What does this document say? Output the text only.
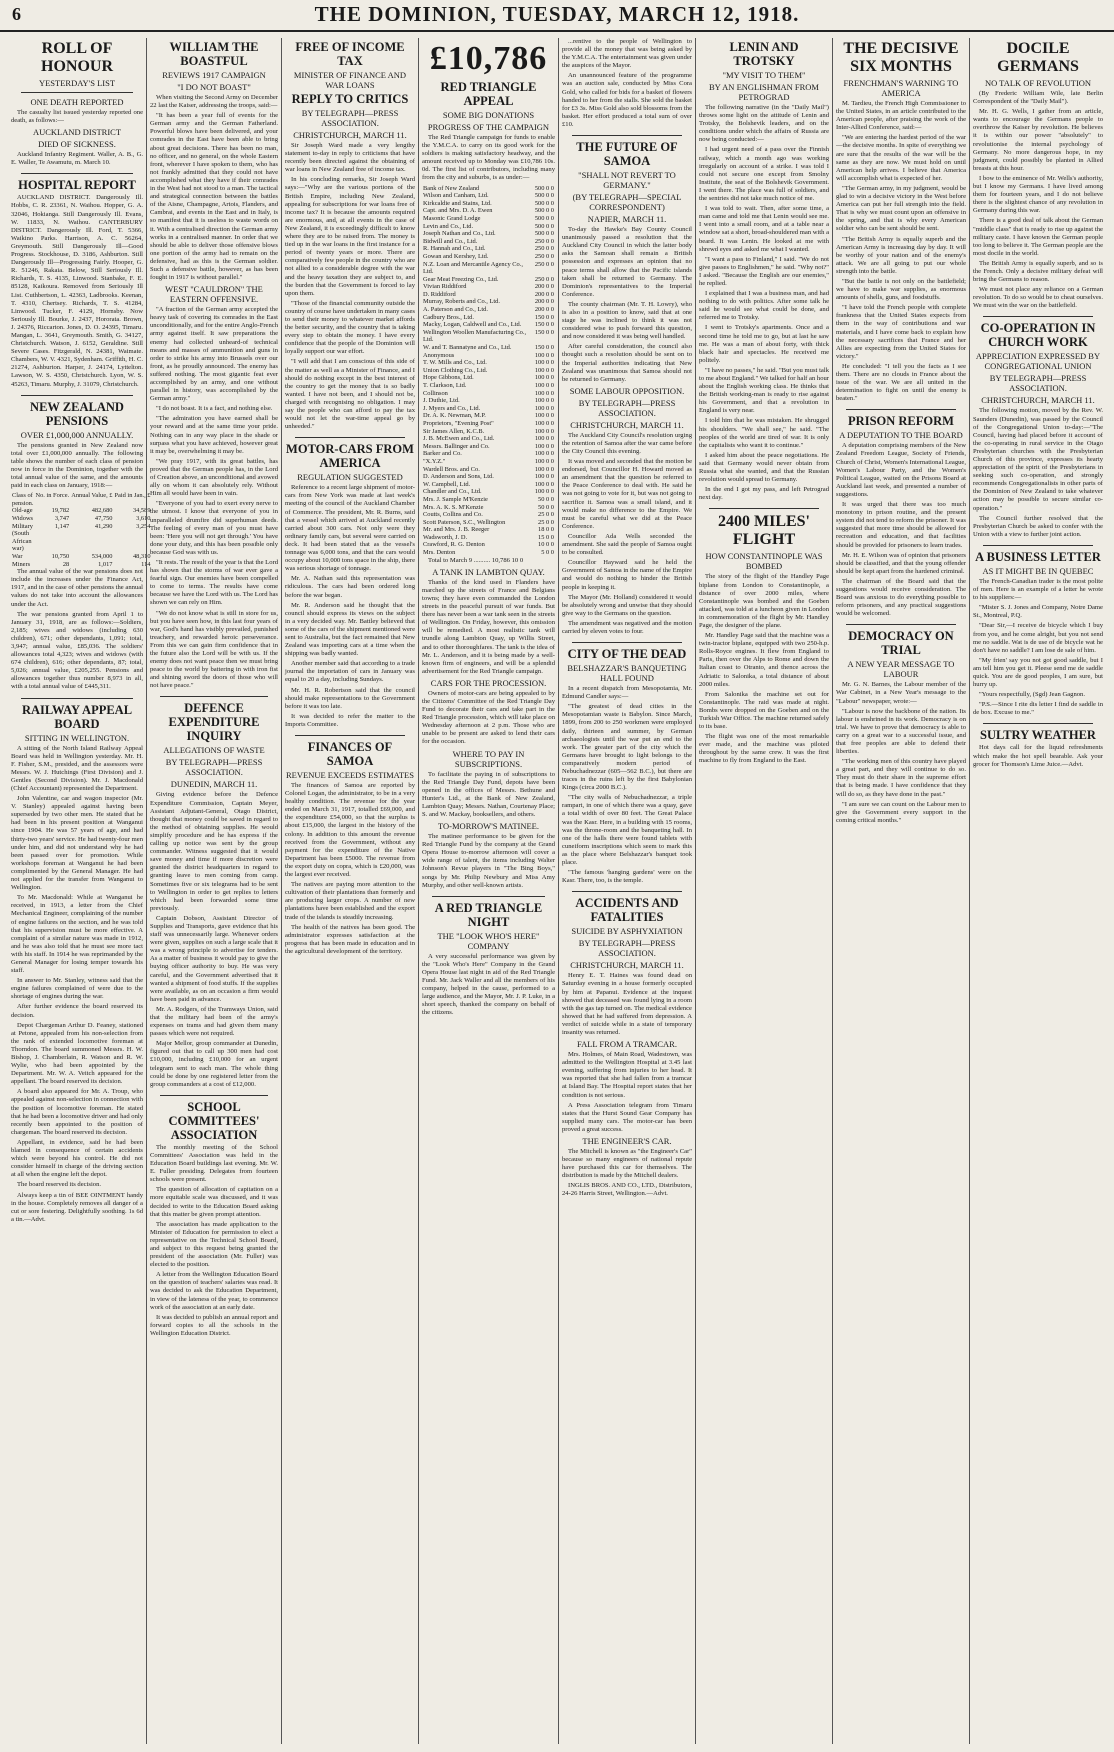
6	THE DOMINION, TUESDAY, MARCH 12, 1918.
ROLL OF HONOUR
YESTERDAY'S LIST
ONE DEATH REPORTED

The casualty list issued yesterday reported one death, as follows:—

AUCKLAND DISTRICT
DIED OF SICKNESS.

Auckland Infantry Regiment. Waller, A. B., G. E. Waller, Te Awamutu, m. March 10.

HOSPITAL REPORT

AUCKLAND DISTRICT. Dangerously Ill. Hobbs, C. R. 23361, N. Waihou. Hopper, G. A. 32046, Hokianga. Still Dangerously Ill. Evans, W. 11833, N. Waihou. CANTERBURY DISTRICT. Dangerously Ill. Ford, T. 5366, Waikino Parks. Harrison, A. C. 56264, Greymouth. Still Dangerously Ill—Good Progress. Stockhouse, D. 3186, Ashburton. Still Dangerously Ill—Progressing Fairly. Hooper, G. R. 51246, Rakaia. Below, Still Seriously Ill. Richards, T. S. 4135, Linwood. Stanbake, F. E. 85128, Kaikoura. Removed from Seriously Ill List. Cuthbertson, L. 42363, Ladbrooks. Keenan, T. 4310, Chertsey. Richards, T. S. 41284, Linwood. Tucker, F. 4129, Hornsby. Now Seriously Ill. Bourke, J. 2437, Hororata. Brown, J. 24376, Riccarton. Jones, D. O. 24395, Timaru. Mangan, L. 3641, Greymouth. Smith, G. 34127, Christchurch. Watson, J. 6152, Geraldine. Still Severe Cases. Fitzgerald, N. 24381, Waimate. Chambers, W. V. 4321, Sydenham. Griffith, H. C. 21274, Ashburton. Harper, J. 24174, Lyttelton. Lawson, W. S. 4350, Christchurch. Lyon, W. S. 45263, Timaru. Murphy, J. 31079, Christchurch.

NEW ZEALAND PENSIONS
OVER £1,000,000 ANNUALLY.

The pensions granted in New Zealand now total over £1,000,000 annually. The following table shows the number of each class of pension now in force in the Dominion, together with the total annual value of the same, and the amounts paid in each class on January, 1918:—

Class of pension.	No. in Force.	Annual Value, £	Paid in Jan., £
Old-age	19,782	482,680	34,589
Widows	3,747	47,750	3,610
Military (South African war)	1,147	41,290	3,254
War	10,750	534,000	48,310
Miners	28	1,017	114

The annual value of the war pensions does not include the increases under the Finance Act, 1917, and in the case of other pensions the annual values do not take into account the allowances under the Act.

The war pensions granted from April 1 to January 31, 1918, are as follows:—Soldiers, 2,185; wives and widows (including 630 children), 671; other dependants, 1,091; total, 3,947; annual value, £85,036. The soldiers' allowances total 4,323; wives and widows (with 674 children), 616; other dependants, 87; total, 5,026; annual value, £205,255. Pensions and allowances together thus number 8,973 in all, with a total annual value of £445,311.

RAILWAY APPEAL BOARD
SITTING IN WELLINGTON.

A sitting of the North Island Railway Appeal Board was held in Wellington yesterday. Mr. H. F. Fisher, S.M., presided, and the assessors were Messrs. W. J. Hutchings (First Division) and J. Gentles (Second Division). Mr. J. Macdonald (Chief Accountant) represented the Department.

John Valentine, car and wagon inspector (Mr. V. Stanley) appealed against having been superseded by two other men. He stated that he had been in his present position at Wanganui since 1904. He was 57 years of age, and had thirty-two years' service. He had twenty-four men under him, and did not understand why he had been passed over for promotion. While workshops foreman at Wanganui he had been complimented by the General Manager. He had not applied for the transfer from Wanganui to Wellington.

To Mr. Macdonald: While at Wanganui he received, in 1913, a letter from the Chief Mechanical Engineer, complaining of the number of engine failures on the section, and he was told that his supervision must be more effective. A complaint of a similar nature was made in 1912, and he was also told that he must see more tact with his staff. In 1914 he was reprimanded by the General Manager for losing temper towards his staff.

In answer to Mr. Stanley, witness said that the engine failures complained of were due to the shortage of engines during the war.

After further evidence the board reserved its decision.

Depot Chargeman Arthur D. Feaney, stationed at Petone, appealed from his non-selection from the rank of extended locomotive foreman at Thorndon. The board summoned Messrs. H. W. Bishop, J. Chamberlain, R. Watson and R. W. Wylie, who had been appointed by the Department. Mr. W. A. Veitch appeared for the appellant. The board reserved its decision.

A board also appeared for Mr. A. Troup, who appealed against non-selection in connection with the position of locomotive foreman. He stated that he had been a locomotive driver and had only recently been appointed to the position of chargeman. The board reserved its decision.

Appellant, in evidence, said he had been blamed in consequence of certain accidents which were beyond his control. He did not consider himself in charge of the driving section at all when the engine left the depot.

The board reserved its decision.

Always keep a tin of BEE OINTMENT handy in the house. Completely removes all danger of a cut or sore festering. Delightfully soothing. 1s 6d a tin.—Advt.

WILLIAM THE BOASTFUL
REVIEWS 1917 CAMPAIGN
"I DO NOT BOAST"

When visiting the Second Army on December 22 last the Kaiser, addressing the troops, said:—

"It has been a year full of events for the German army and the German Fatherland. Powerful blows have been delivered, and your comrades in the East have been able to bring about great decisions. There has been no man, no officer, and no general, on the whole Eastern front, wherever I have spoken to them, who has not frankly admitted that they could not have accomplished what they have if their comrades in the West had not stood to a man. The tactical and strategical connection between the battles of the Aisne, Champagne, Artois, Flanders, and Cambrai, and events in the East and in Italy, is so manifest that it is useless to waste words on it. With a centralised direction the German army works in a centralised manner. In order that we should be able to deliver those offensive blows one portion of the army had to remain on the defensive, had as this is the German soldier. Such a defensive battle, however, as has been fought in 1917 is without parallel."

WEST "CAULDRON" THE EASTERN OFFENSIVE.

"A fraction of the German army accepted the heavy task of covering its comrades in the East unconditionally, and for the entire Anglo-French army against itself. It saw preparations the enemy had collected unheard-of technical means and masses of ammunition and guns in order to strike his army into Brussels over our front, as he proudly announced. The enemy has suffered nothing. The most gigantic feat ever accomplished by an army, and one without parallel in history, was accomplished by the German army."

"I do not boast. It is a fact, and nothing else.

"The admiration you have earned shall be your reward and at the same time your pride. Nothing can in any way place in the shade or surpass what you have achieved, however great it may be, overwhelming it may be.

"We pray 1917, with its great battles, has proved that the German people has, in the Lord of Creation above, an unconditional and avowed ally on whom it can absolutely rely. Without Him all would have been in vain.

"Everyone of you had to exert every nerve to the utmost. I know that everyone of you in unparalleled drumfire did superhuman deeds. The feeling of every man of you must have been: 'Here you will not get through.' You have done your duty, and this has been possible only because God was with us.

"It rests. The result of the year is that the Lord has shown that the storms of war ever gave a fearful sign. Our enemies have been compelled to come to terms. The results have come because we have the Lord with us. The Lord has shown we can rely on Him.

"We do not know what is still in store for us, but you have seen how, in this last four years of war, God's hand has visibly prevailed, punished treachery, and rewarded heroic perseverance. From this we can gain firm confidence that in the future also the Lord will be with us. If the enemy does not want peace then we must bring peace to the world by battering in with iron fist and shining sword the doors of those who will not have peace."

DEFENCE EXPENDITURE INQUIRY
ALLEGATIONS OF WASTE
BY TELEGRAPH—PRESS ASSOCIATION.
DUNEDIN, MARCH 11.

Giving evidence before the Defence Expenditure Commission, Captain Meyer, Assistant Adjutant-General, Otago District, thought that money could be saved in regard to the method of obtaining supplies. He would simplify procedure and he has express if the calling up notice was sent by the group commander. Witness suggested that it would save money and time if more discretion were granted the district headquarters in regard to granting leave to men coming from camp. Sometimes five or six telegrams had to be sent to Wellington in order to get replies to letters which had been forwarded some time previously.

Captain Dobson, Assistant Director of Supplies and Transports, gave evidence that his staff was unnecessarily large. Whenever orders were given, supplies on such a large scale that it was a wrong principle to advertise for tenders. As a matter of business it would pay to give the buying officer authority to buy. He was very careful, and the Government advertised that it wanted a shipment of food stuffs. If the supplies were available, as on an occasion a firm would have been paid in advance.

Mr. A. Rodgers, of the Tramways Union, said that the military had been of the army's expenses on trams and had given them many passes which were not required.

Major Mellor, group commander at Dunedin, figured out that to call up 300 men had cost £10,000, including £10,000 for an urgent telegram sent to each man. The whole thing could be done by one registered letter from the group commanders at a cost of £12,000.

SCHOOL COMMITTEES' ASSOCIATION

The monthly meeting of the School Committees' Association was held in the Education Board buildings last evening. Mr. W. E. Fuller presiding. Delegates from fourteen schools were present.

The question of allocation of capitation on a more equitable scale was discussed, and it was decided to write to the Education Board asking that this matter be given prompt attention.

The association has made application to the Minister of Education for permission to elect a representative on the Technical School Board, and subject to this request being granted the president of the association (Mr. Fuller) was elected to the position.

A letter from the Wellington Education Board on the question of teachers' salaries was read. It was decided to ask the Education Department, in view of the lateness of the year, to commence work of the association at an early date.

It was decided to publish an annual report and forward copies to all the schools in the Wellington Education District.

FREE OF INCOME TAX
MINISTER OF FINANCE AND WAR LOANS
REPLY TO CRITICS
BY TELEGRAPH—PRESS ASSOCIATION.
CHRISTCHURCH, MARCH 11.

Sir Joseph Ward made a very lengthy statement to-day in reply to criticisms that have recently been directed against the obtaining of war loans in New Zealand free of income tax.

In his concluding remarks, Sir Joseph Ward says:—"Why are the various portions of the British Empire, including New Zealand, appealing for subscriptions for war loans free of income tax? It is because the amounts required are enormous, and, at all events in the case of New Zealand, it is exceedingly difficult to know where they are to be raised from. The money is tied up in the war loans in the first instance for a period of twenty years or more. There are comparatively few people in the country who are not allied to a considerable degree with the war and the heavy taxation they are subject to, and the burden that the Government is forced to lay upon them.

"Those of the financial community outside the country of course have undertaken in many cases to send their money to whatever market affords the better security, and the country that is taking every step to obtain the money. I have every confidence that the people of the Dominion will loyally support our war effort.

"I will add that I am conscious of this side of the matter as well as a Minister of Finance, and I should do nothing except in the best interest of the country to get the money that is so badly wanted. I have not been, and I should not be, charged with recognising no obligation. I may say the people who can afford to pay the tax would not let the war-time appeal go by unheeded."

MOTOR-CARS FROM AMERICA
REGULATION SUGGESTED

Reference to a recent large shipment of motor-cars from New York was made at last week's meeting of the council of the Auckland Chamber of Commerce. The president, Mr. R. Burns, said that a vessel which arrived at Auckland recently carried about 300 cars. Not only were they ordinary family cars, but several were carried on deck. It had been stated that as the vessel's tonnage was 6,000 tons, and that the cars would occupy about 10,000 tons space in the ship, there was serious shortage of tonnage.

Mr. A. Nathan said this representation was ridiculous. The cars had been ordered long before the war began.

Mr. R. Anderson said he thought that the council should express its views on the subject in a very decided way. Mr. Battley believed that some of the cars of the shipment mentioned were sent to Australia, but the fact remained that New Zealand was importing cars at a time when the shipping was badly wanted.

Another member said that according to a trade journal the importation of cars in January was equal to 20 a day, including Sundays.

Mr. H. R. Robertson said that the council should make representations to the Government before it was too late.

It was decided to refer the matter to the Imports Committee.

FINANCES OF SAMOA
REVENUE EXCEEDS ESTIMATES

The finances of Samoa are reported by Colonel Logan, the administrator, to be in a very healthy condition. The revenue for the year ended on March 31, 1917, totalled £69,000, and the expenditure £54,000, so that the surplus is about £15,000, the largest in the history of the colony. In addition to this amount the revenue received from the Government, without any payment for the expenditure of the Native Department has been £5000. The revenue from the export duty on copra, which is £20,000, was the largest ever received.

The natives are paying more attention to the cultivation of their plantations than formerly and are producing larger crops. A number of new plantations have been established and the export trade of the islands is steadily increasing.

The health of the natives has been good. The administrator expresses satisfaction at the progress that has been made in education and in the agricultural development of the territory.

£10,786
RED TRIANGLE APPEAL
SOME BIG DONATIONS
PROGRESS OF THE CAMPAIGN

The Red Triangle campaign for funds to enable the Y.M.C.A. to carry on its good work for the soldiers is making satisfactory headway, and the amount received up to Monday was £10,786 10s. 0d. The first list of contributors, including many from the city and suburbs, is as under:—

Bank of New Zealand	500 0 0
Wilson and Canham, Ltd.	500 0 0
Kirkcaldie and Stains, Ltd.	500 0 0
Capt. and Mrs. D. A. Ewen	500 0 0
Masonic Grand Lodge	500 0 0
Levin and Co., Ltd.	500 0 0
Joseph Nathan and Co., Ltd.	500 0 0
Bidwill and Co., Ltd.	250 0 0
R. Hannah and Co., Ltd.	250 0 0
Gowan and Kershey, Ltd.	250 0 0
N.Z. Loan and Mercantile Agency Co., Ltd.	250 0 0
Gear Meat Freezing Co., Ltd.	250 0 0
Vivian Riddiford	200 0 0
D. Riddiford	200 0 0
Murray, Roberts and Co., Ltd.	200 0 0
A. Paterson and Co., Ltd.	200 0 0
Cadbury Bros., Ltd.	150 0 0
Macky, Logan, Caldwell and Co., Ltd.	150 0 0
Wellington Woollen Manufacturing Co., Ltd.	150 0 0
W. and T. Bannatyne and Co., Ltd.	150 0 0
Anonymous	100 0 0
T. W. Mills and Co., Ltd.	100 0 0
Union Clothing Co., Ltd.	100 0 0
Hope Gibbons, Ltd.	100 0 0
T. Clarkson, Ltd.	100 0 0
Collinson	100 0 0
J. Duthie, Ltd.	100 0 0
J. Myers and Co., Ltd.	100 0 0
Dr. A. K. Newman, M.P.	100 0 0
Proprietors, "Evening Post"	100 0 0
Sir James Allen, K.C.B.	100 0 0
J. B. McEwen and Co., Ltd.	100 0 0
Messrs. Ballinger and Co.	100 0 0
Barker and Co.	100 0 0
"X.Y.Z."	100 0 0
Wardell Bros. and Co.	100 0 0
D. Anderson and Sons, Ltd.	100 0 0
W. Campbell, Ltd.	100 0 0
Chandler and Co., Ltd.	100 0 0
Mrs. J. Sample M'Kenzie	50 0 0
Mrs. A. K. S. M'Kenzie	50 0 0
Coutts, Collins and Co.	25 0 0
Scott Paterson, S.C., Wellington	25 0 0
Mr. and Mrs. J. B. Reeger	18 0 0
Wadsworth, J. D.	15 0 0
Crawford, R. G. Denton	10 0 0
Mrs. Denton	5 0 0

Total to March 9 .......... 10,786 10 0

A TANK IN LAMBTON QUAY.

Thanks of the kind used in Flanders have marched up the streets of France and Belgians towns; they have even commanded the London streets in the peaceful pursuit of war funds. But there has never been a war tank seen in the streets of Wellington. On Friday, however, this omission will be remedied. A most realistic tank will trundle along Lambton Quay, up Willis Street, and to other thoroughfares. The tank is the idea of Mr. L. Anderson, and it is being made by a well-known firm of engineers, and will be a splendid advertisement for the Red Triangle campaign.

CARS FOR THE PROCESSION.

Owners of motor-cars are being appealed to by the Citizens' Committee of the Red Triangle Day Fund to decorate their cars and take part in the Red Triangle procession, which will take place on Wednesday afternoon at 2 p.m. Those who are unable to be present are asked to lend their cars for the occasion.

WHERE TO PAY IN SUBSCRIPTIONS.

To facilitate the paying in of subscriptions to the Red Triangle Day Fund, depots have been opened in the offices of Messrs. Bethune and Hunter's Ltd., at the Bank of New Zealand, Lambton Quay; Messrs. Nathan, Courtenay Place; S. and W. Mackay, booksellers, and others.

TO-MORROW'S MATINEE.

The matinee performance to be given for the Red Triangle Fund by the company at the Grand Opera House to-morrow afternoon will cover a wide range of talent, the items including Walter Johnson's Revue players in "The Bing Boys," songs by Mr. Philip Newbury and Miss Amy Murphy, and other well-known artists.

A RED TRIANGLE NIGHT
THE "LOOK WHO'S HERE" COMPANY

A very successful performance was given by the "Look Who's Here" Company in the Grand Opera House last night in aid of the Red Triangle Fund. Mr. Jack Waller and all the members of his company, helped in the cause, performed to a large audience, and the Mayor, Mr. J. P. Luke, in a short speech, thanked the company on behalf of the citizens.

...rentive to the people of Wellington to provide all the money that was being asked by the Y.M.C.A. The entertainment was given under the auspices of the Mayor.

An unannounced feature of the programme was an auction sale, conducted by Miss Cora Gold, who called for bids for a basket of flowers handed to her from the stalls. She sold the basket for £3 3s. Miss Gold also sold blossoms from the basket. Her effort produced a total sum of over £10.

THE FUTURE OF SAMOA
"SHALL NOT REVERT TO GERMANY."
(BY TELEGRAPH—SPECIAL CORRESPONDENT)
NAPIER, MARCH 11.

To-day the Hawke's Bay County Council unanimously passed a resolution that the Auckland City Council in which the latter body asks the Samoan shall remain a British possession and expresses an opinion that no peace terms shall allow that the Pacific islands taken shall be returned to Germany. The Dominion's representatives to the Imperial Conference.

The county chairman (Mr. T. H. Lowry), who is also in a position to know, said that at one stage he was inclined to think it was not considered wise to push forward this question, and now considered it was being well handled.

After careful consideration, the council also thought such a resolution should be sent on to the Imperial authorities indicating that New Zealand was unanimous that Samoa should not be returned to Germany.

SOME LABOUR OPPOSITION.
BY TELEGRAPH—PRESS ASSOCIATION.
CHRISTCHURCH, MARCH 11.

The Auckland City Council's resolution urging the retention of Samoa after the war came before the City Council this evening.

It was moved and seconded that the motion be endorsed, but Councillor H. Howard moved as an amendment that the question be referred to the Peace Conference to deal with. He said he was not going to vote for it, but was not going to sacrifice it. Samoa was a small island, and it would make no difference to the Empire. We must be careful what we did at the Peace Conference.

Councillor Ada Wells seconded the amendment. She said the people of Samoa ought to be consulted.

Councillor Hayward said he held the Government of Samoa in the name of the Empire and would do nothing to hinder the British people in keeping it.

The Mayor (Mr. Holland) considered it would be absolutely wrong and unwise that they should give way to the Germans on the question.

The amendment was negatived and the motion carried by eleven votes to four.

CITY OF THE DEAD
BELSHAZZAR'S BANQUETING HALL FOUND

In a recent dispatch from Mesopotamia, Mr. Edmund Candler says:—

"The greatest of dead cities in the Mesopotamian waste is Babylon. Since March, 1899, from 200 to 250 workmen were employed daily, thirteen and summer, by German archaeologists until the war put an end to the work. The greater part of the city which the Germans have brought to light belongs to the comparatively modern period of Nebuchadnezzar (605—562 B.C.), but there are traces in the ruins left by the first Babylonian Kings (circa 2000 B.C.).

"The city walls of Nebuchadnezzar, a triple rampart, in one of which there was a quay, gave a total width of over 80 feet. The Great Palace was the Kasr. Here, in a building with 15 rooms, was the throne-room and the banqueting hall. In one of the halls there were found tablets with cuneiform inscriptions which seem to mark this as the place where Belshazzar's banquet took place.

"The famous 'hanging gardens' were on the Kasr. There, too, is the temple.

ACCIDENTS AND FATALITIES
SUICIDE BY ASPHYXIATION
BY TELEGRAPH—PRESS ASSOCIATION.
CHRISTCHURCH, MARCH 11.

Henry E. T. Haines was found dead on Saturday evening in a house formerly occupied by him at Papanui. Evidence at the inquest showed that deceased was found lying in a room with the gas tap turned on. The medical evidence showed that he had suffered from depression. A verdict of suicide while in a state of temporary insanity was returned.

FALL FROM A TRAMCAR.

Mrs. Holmes, of Main Road, Wadestown, was admitted to the Wellington Hospital at 3.45 last evening, suffering from injuries to her head. It was reported that she had fallen from a tramcar at Island Bay. The Hospital report states that her condition is not serious.

A Press Association telegram from Timaru states that the Hurst Sound Gear Company has supplied many cars. The motor-car has been proved a great success.

THE ENGINEER'S CAR.

The Mitchell is known as "the Engineer's Car" because so many engineers of national repute have purchased this car for themselves. The distribution is made by the Mitchell dealers.

INGLIS BROS. AND CO., LTD., Distributors, 24-26 Harris Street, Wellington.—Advt.

LENIN AND TROTSKY
"MY VISIT TO THEM"
BY AN ENGLISHMAN FROM PETROGRAD

The following narrative (in the "Daily Mail") throws some light on the attitude of Lenin and Trotsky, the Bolshevik leaders, and on the conditions under which the affairs of Russia are now being conducted:—

I had urgent need of a pass over the Finnish railway, which a month ago was working irregularly on account of a strike. I was told I could not secure one except from Smolny Institute, the seat of the Bolshevik Government. I went there. The place was full of soldiers, and the sentries did not take much notice of me.

I was told to wait. Then, after some time, a man came and told me that Lenin would see me. I went into a small room, and at a table near a window sat a short, broad-shouldered man with a beard. It was Lenin. He looked at me with shrewd eyes and asked me what I wanted.

"I want a pass to Finland," I said. "We do not give passes to Englishmen," he said. "Why not?" I asked. "Because the English are our enemies," he replied.

I explained that I was a business man, and had nothing to do with politics. After some talk he said he would see what could be done, and referred me to Trotsky.

I went to Trotsky's apartments. Once and a second time he told me to go, but at last he saw me. He was a man of about forty, with thick black hair and spectacles. He received me politely.

"I have no passes," he said. "But you must talk to me about England." We talked for half an hour about the English working class. He thinks that the British working-man is ready to rise against his Government, and that a revolution in England is very near.

I told him that he was mistaken. He shrugged his shoulders. "We shall see," he said. "The peoples of the world are tired of war. It is only the capitalists who want it to continue."

I asked him about the peace negotiations. He said that Germany would never obtain from Russia what she wanted, and that the Russian revolution would spread to Germany.

In the end I got my pass, and left Petrograd next day.

2400 MILES' FLIGHT
HOW CONSTANTINOPLE WAS BOMBED

The story of the flight of the Handley Page biplane from London to Constantinople, a distance of over 2000 miles, where Constantinople was bombed and the Goeben attacked, was told at a luncheon given in London in commemoration of the flight by Mr. Handley Page, the designer of the plane.

Mr. Handley Page said that the machine was a twin-tractor biplane, equipped with two 250-h.p. Rolls-Royce engines. It flew from England to Paris, then over the Alps to Rome and down the Italian coast to Otranto, and thence across the Adriatic to Salonika, a total distance of about 2000 miles.

From Salonika the machine set out for Constantinople. The raid was made at night. Bombs were dropped on the Goeben and on the Turkish War Office. The machine returned safely to its base.

The flight was one of the most remarkable ever made, and the machine was piloted throughout by the same crew. It was the first machine to fly from England to the East.

THE DECISIVE SIX MONTHS
FRENCHMAN'S WARNING TO AMERICA

M. Tardieu, the French High Commissioner to the United States, in an article contributed to the American people, after praising the work of the Inter-Allied Conference, said:—

"We are entering the hardest period of the war—the decisive months. In spite of everything we are sure that the results of the war will be the same as they are now. We must hold on until American help arrives. I believe that America will accomplish what is expected of her.

"The German army, in my judgment, would be glad to win a decisive victory in the West before America can put her full strength into the field. That is why we must count upon an offensive in the spring, and that is why every American soldier who can be sent should be sent.

"The British Army is equally superb and the American Army is increasing day by day. It will be worthy of your nation and of the enemy's attack. We are all going to put our whole strength into the battle.

"But the battle is not only on the battlefield; we have to make war supplies, as enormous amounts of shells, guns, and foodstuffs.

"I have told the French people with complete frankness that the United States expects from them in the way of contributions and war materials, and I have come back to explain how the necessary sacrifices that France and her Allies are expecting from the United States for victory."

He concluded: "I tell you the facts as I see them. There are no clouds in France about the issue of the war. We are all united in the determination to fight on until the enemy is beaten."

PRISON REFORM
A DEPUTATION TO THE BOARD

A deputation comprising members of the New Zealand Freedom League, Society of Friends, Church of Christ, Women's International League, Women's Labour Party, and the Women's Political League, waited on the Prisons Board at Auckland last week, and presented a number of suggestions.

It was urged that there was too much monotony in prison routine, and the present system did not tend to reform the prisoner. It was suggested that more time should be allowed for recreation and education, and that facilities should be provided for prisoners to learn trades.

Mr. H. E. Wilson was of opinion that prisoners should be classified, and that the young offender should be kept apart from the hardened criminal.

The chairman of the Board said that the suggestions would receive consideration. The Board was anxious to do everything possible to reform prisoners, and any practical suggestions would be welcomed.

DEMOCRACY ON TRIAL
A NEW YEAR MESSAGE TO LABOUR

Mr. G. N. Barnes, the Labour member of the War Cabinet, in a New Year's message to the "Labour" newspaper, wrote:—

"Labour is now the backbone of the nation. Its labour is enshrined in its work. Democracy is on trial. We have to prove that democracy is able to carry on a great war to a successful issue, and that free peoples are able to defend their liberties.

"The working men of this country have played a great part, and they will continue to do so. They must do their share in the supreme effort that is being made. I have confidence that they will do so, as they have done in the past."

"I am sure we can count on the Labour men to give the Government every support in the coming critical months."

DOCILE GERMANS
NO TALK OF REVOLUTION

(By Frederic William Wile, late Berlin Correspondent of the "Daily Mail").

Mr. H. G. Wells, I gather from an article, wants to encourage the Germans people to overthrow the Kaiser by revolution. He believes it is within our power "absolutely" to revolutionise the internal psychology of Germany. No more dangerous hope, in my judgment, could possibly be planted in Allied breasts at this hour.

I bow to the eminence of Mr. Wells's authority, but I know my Germans. I have lived among them for fourteen years, and I do not believe there is the slightest chance of any revolution in Germany during this war.

There is a good deal of talk about the German "middle class" that is ready to rise up against the military caste. I have known the German people too long to believe it. The German people are the most docile in the world.

The British Army is equally superb, and so is the French. Only a decisive military defeat will bring the Germans to reason.

We must not place any reliance on a German revolution. To do so would be to cheat ourselves. We must win the war on the battlefield.

CO-OPERATION IN CHURCH WORK
APPRECIATION EXPRESSED BY CONGREGATIONAL UNION
BY TELEGRAPH—PRESS ASSOCIATION.
CHRISTCHURCH, MARCH 11.

The following motion, moved by the Rev. W. Saunders (Dunedin), was passed by the Council of the Congregational Union to-day:—"The Council, having had placed before it account of the co-operating in rural service in the Otago Presbyterian churches with the Presbyterian Church of this province, expresses its hearty appreciation of the spirit of the Presbyterians in seeking such co-operation, and strongly recommends Congregationalists in other parts of the Dominion of New Zealand to take whatever action may be possible to secure similar co-operation."

The Council further resolved that the Presbyterian Church be asked to confer with the Union with a view to further joint action.

A BUSINESS LETTER
AS IT MIGHT BE IN QUEBEC

The French-Canadian trader is the most polite of men. Here is an example of a letter he wrote to his suppliers:—

"Mister S. J. Jones and Company, Notre Dame St., Montreal, P.Q.

"Dear Sir,—I receive de bicycle which I buy from you, and he come alright, but you not send me no saddle. Wat is de use of de bicycle wat he don't have no saddle? I am lose de sale of him.

"My frien' say you not got good saddle, but I am tell him you get it. Pleese send me de saddle quick. You are de good peoples, I am sure, but hurry up.

"Yours respectfully, (Sgd) Jean Gagnon.

"P.S.—Since I rite dis letter I find de saddle in de box. Excuse to me."

SULTRY WEATHER

Hot days call for the liquid refreshments which make the hot spell bearable. Ask your grocer for Thomson's Lime Juice.—Advt.
